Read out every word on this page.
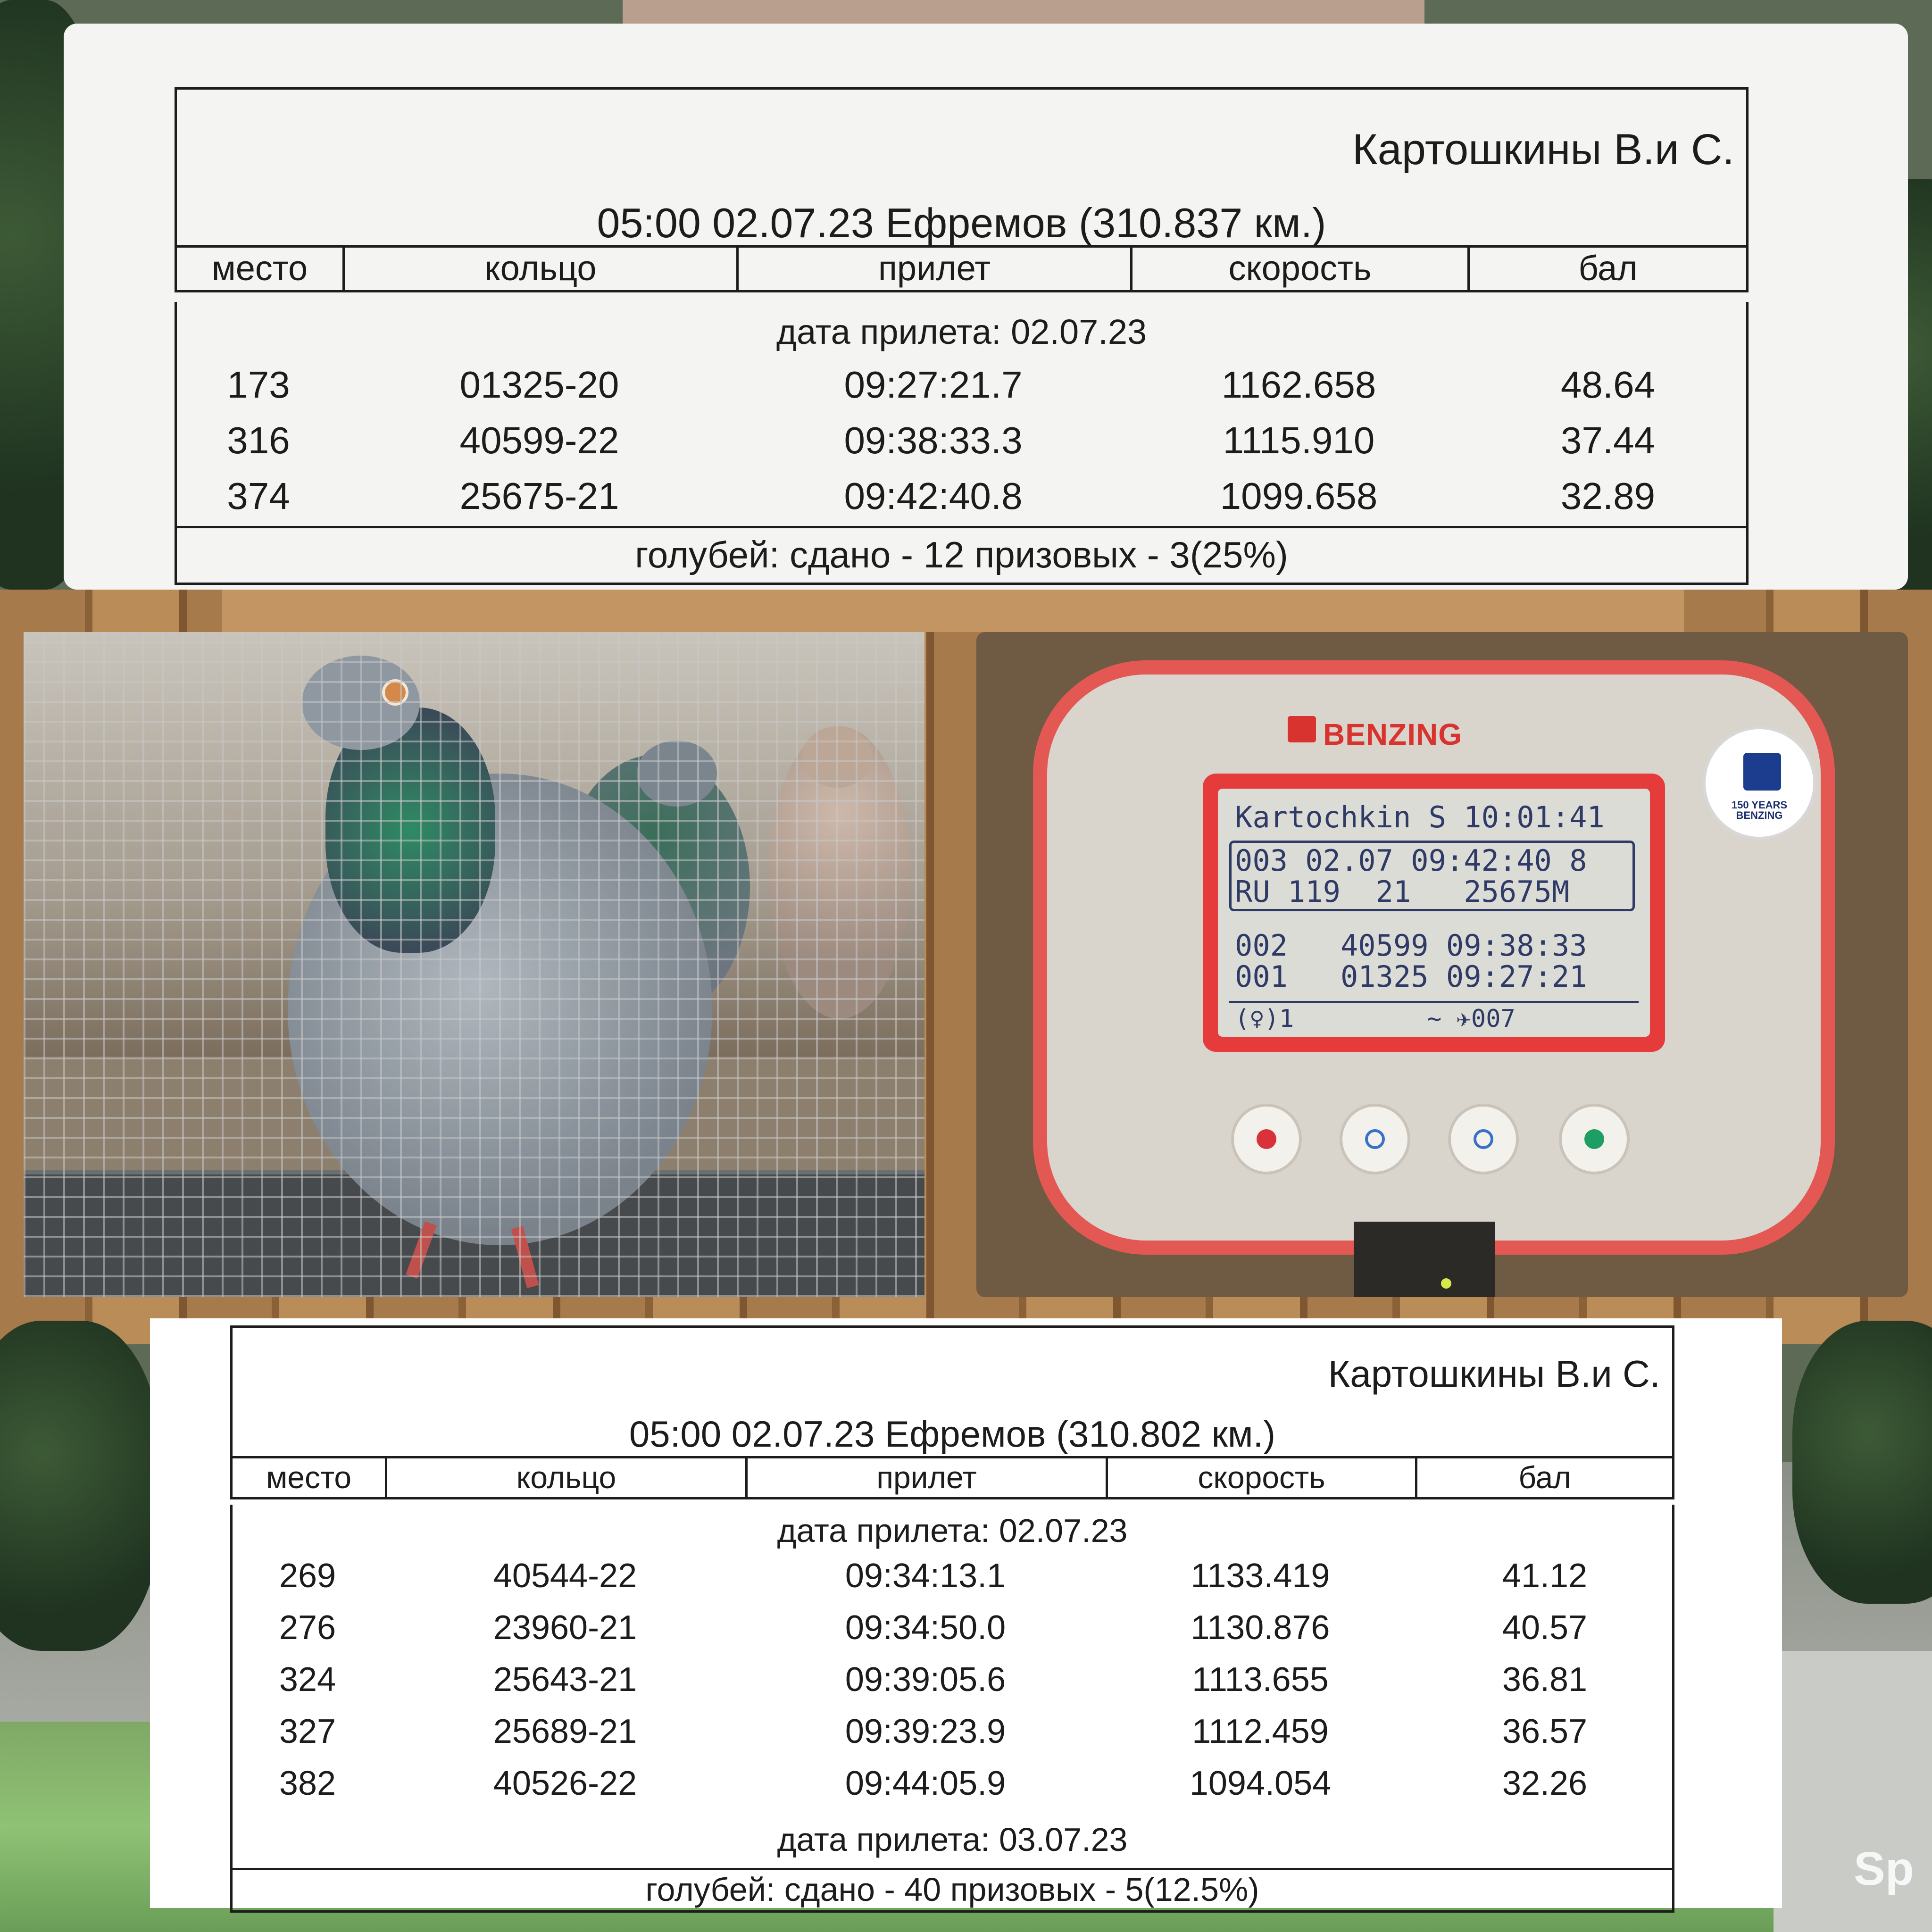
Sp
Картошкины В.и С.
05:00 02.07.23 Ефремов (310.837 км.)
место	кольцо	прилет	скорость	бал
дата прилета: 02.07.23
173	01325-20	09:27:21.7	1162.658	48.64
316	40599-22	09:38:33.3	1115.910	37.44
374	25675-21	09:42:40.8	1099.658	32.89
голубей: сдано - 12 призовых - 3(25%)
BENZING
150 YEARS
BENZING
Kartochkin S 10:01:41
003 02.07 09:42:40 8
RU 119  21   25675M
002   40599 09:38:33
001   01325 09:27:21
(♀)1         ~ ✈007
Картошкины В.и С.
05:00 02.07.23 Ефремов (310.802 км.)
место	кольцо	прилет	скорость	бал
дата прилета: 02.07.23
269	40544-22	09:34:13.1	1133.419	41.12
276	23960-21	09:34:50.0	1130.876	40.57
324	25643-21	09:39:05.6	1113.655	36.81
327	25689-21	09:39:23.9	1112.459	36.57
382	40526-22	09:44:05.9	1094.054	32.26
дата прилета: 03.07.23
голубей: сдано - 40 призовых - 5(12.5%)
